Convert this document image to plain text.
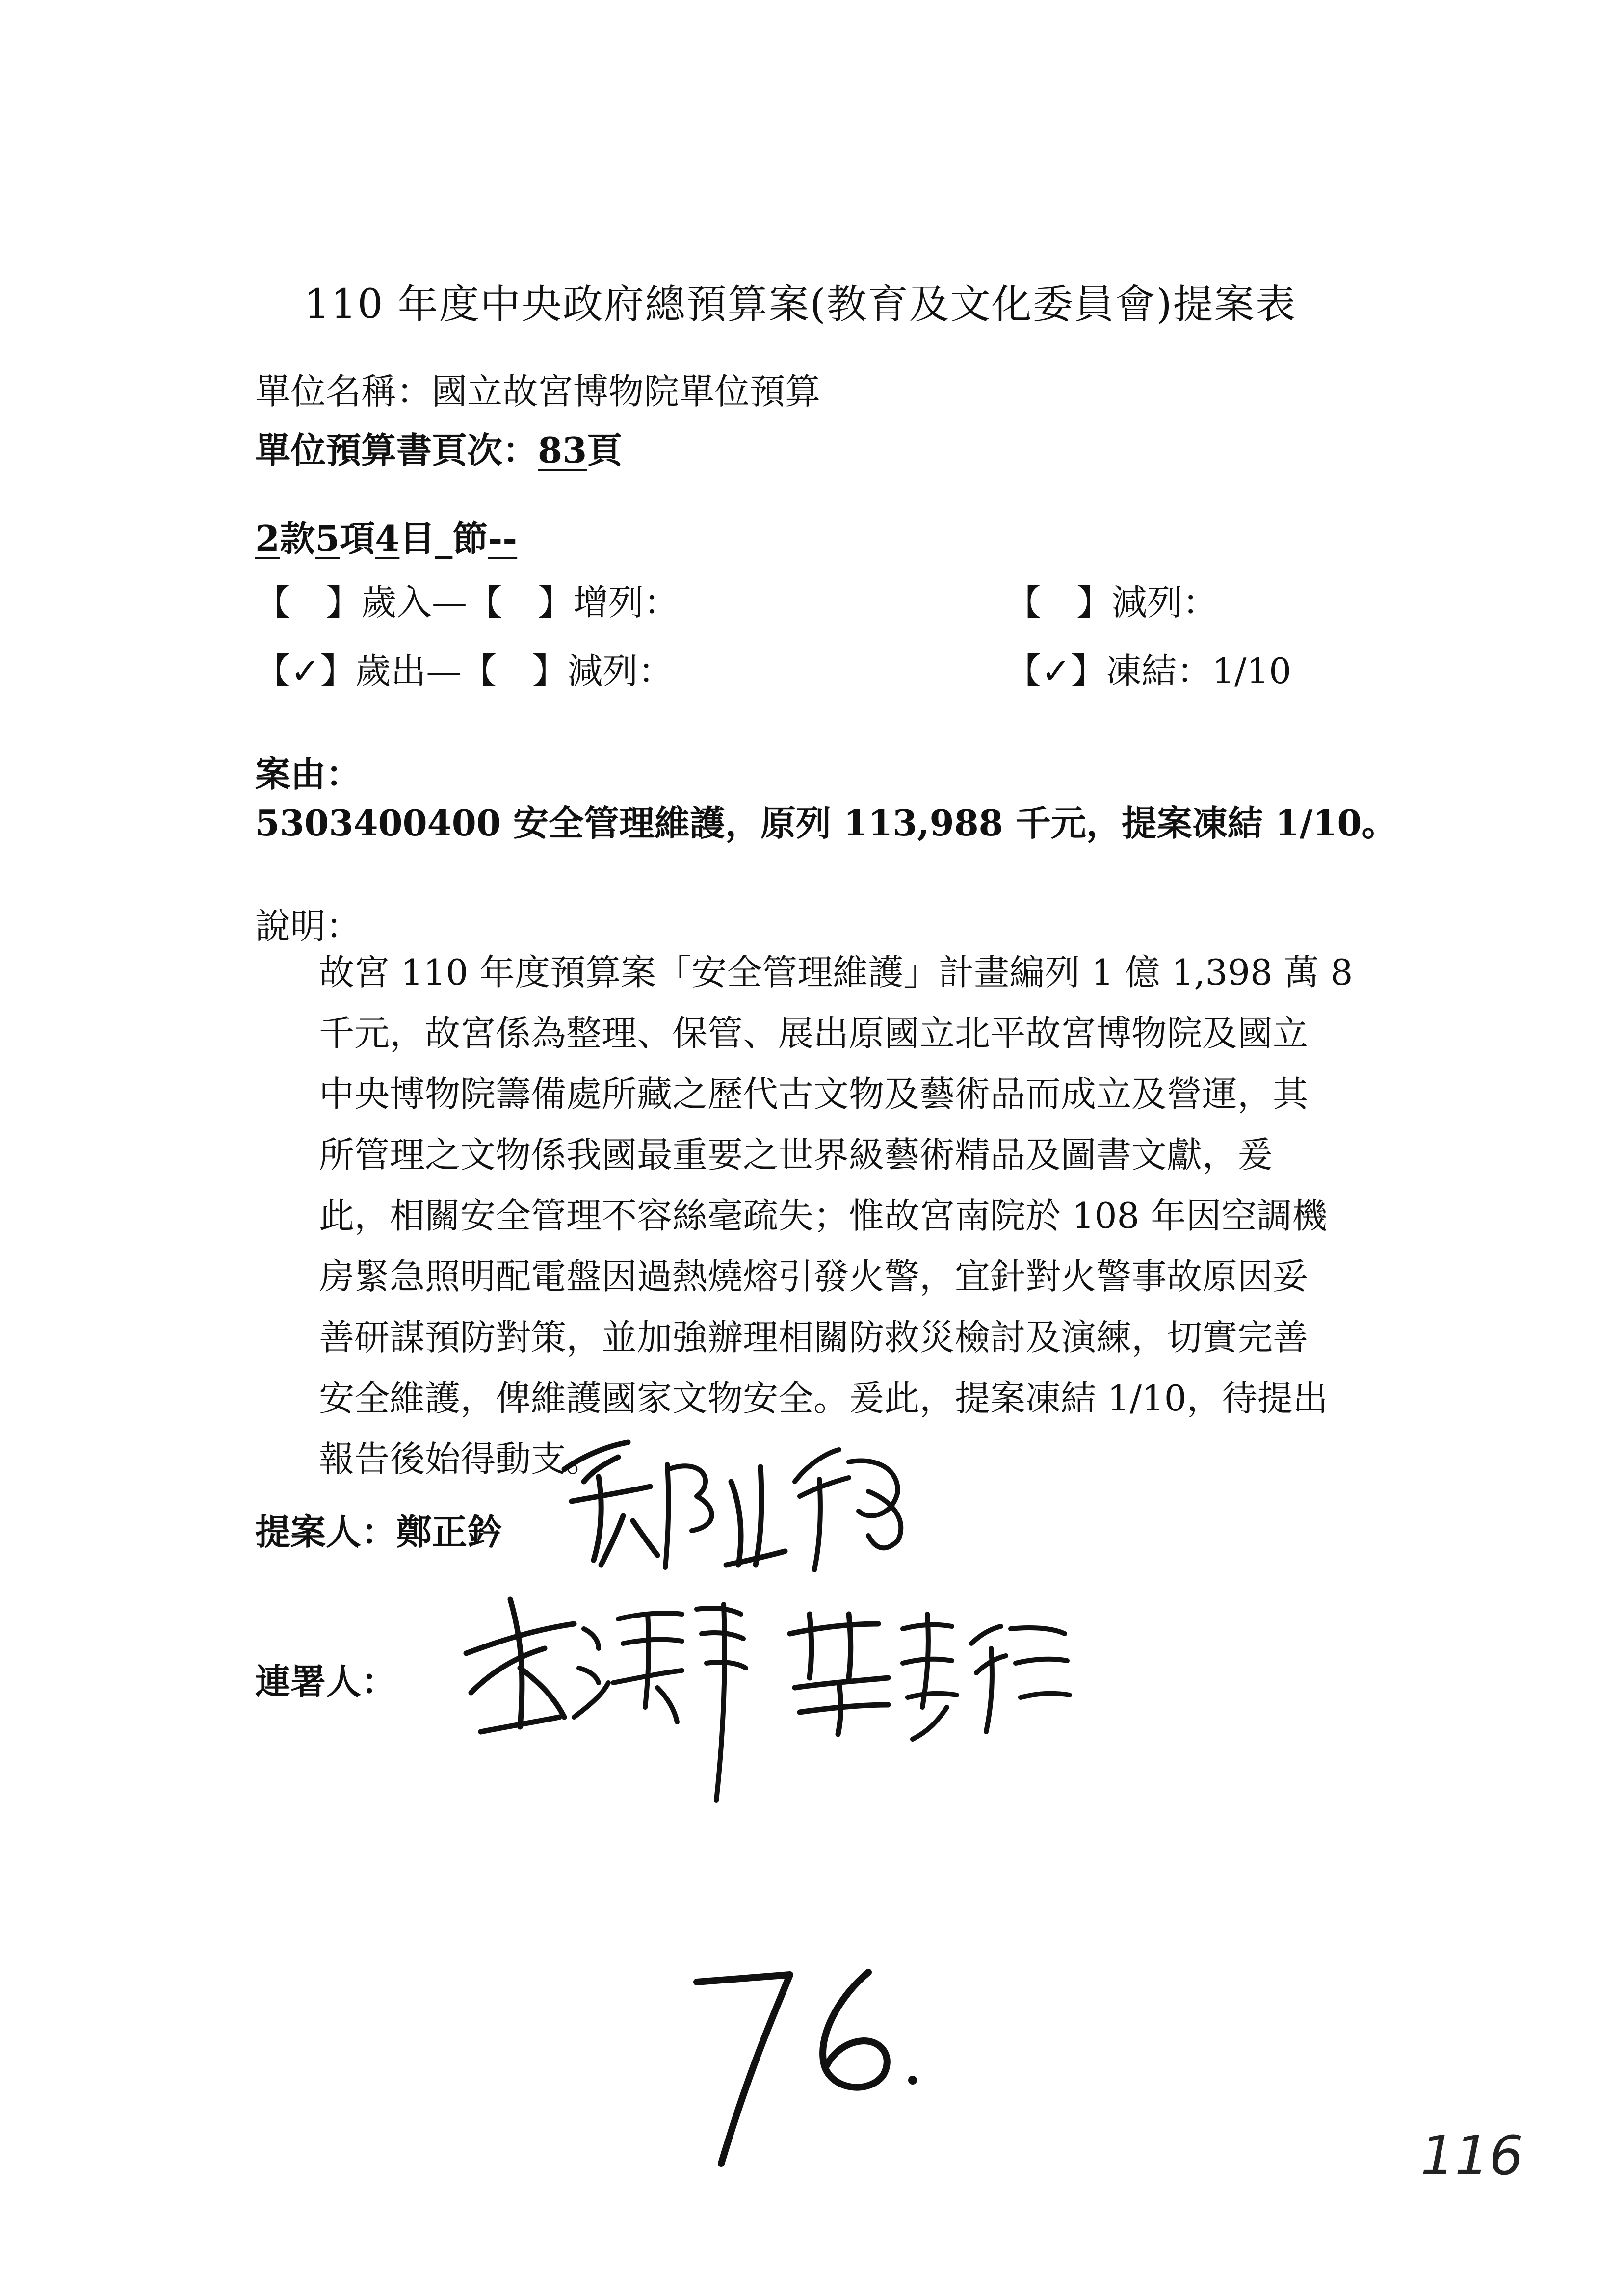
110 年度中央政府總預算案(教育及文化委員會)提案表
單位名稱：國立故宮博物院單位預算
單位預算書頁次：83頁
2款5項4目_節--
【　】歲入—【　】增列：	【　】減列：
【✓】歲出—【　】減列：	【✓】凍結：1/10
案由：
5303400400 安全管理維護，原列 113,988 千元，提案凍結 1/10。
說明：

故宮 110 年度預算案「安全管理維護」計畫編列 1 億 1,398 萬 8

千元，故宮係為整理、保管、展出原國立北平故宮博物院及國立

中央博物院籌備處所藏之歷代古文物及藝術品而成立及營運，其

所管理之文物係我國最重要之世界級藝術精品及圖書文獻，爰

此，相關安全管理不容絲毫疏失；惟故宮南院於 108 年因空調機

房緊急照明配電盤因過熱燒熔引發火警，宜針對火警事故原因妥

善研謀預防對策，並加強辦理相關防救災檢討及演練，切實完善

安全維護，俾維護國家文物安全。爰此，提案凍結 1/10，待提出

報告後始得動支。

提案人：鄭正鈐
連署人：
116
